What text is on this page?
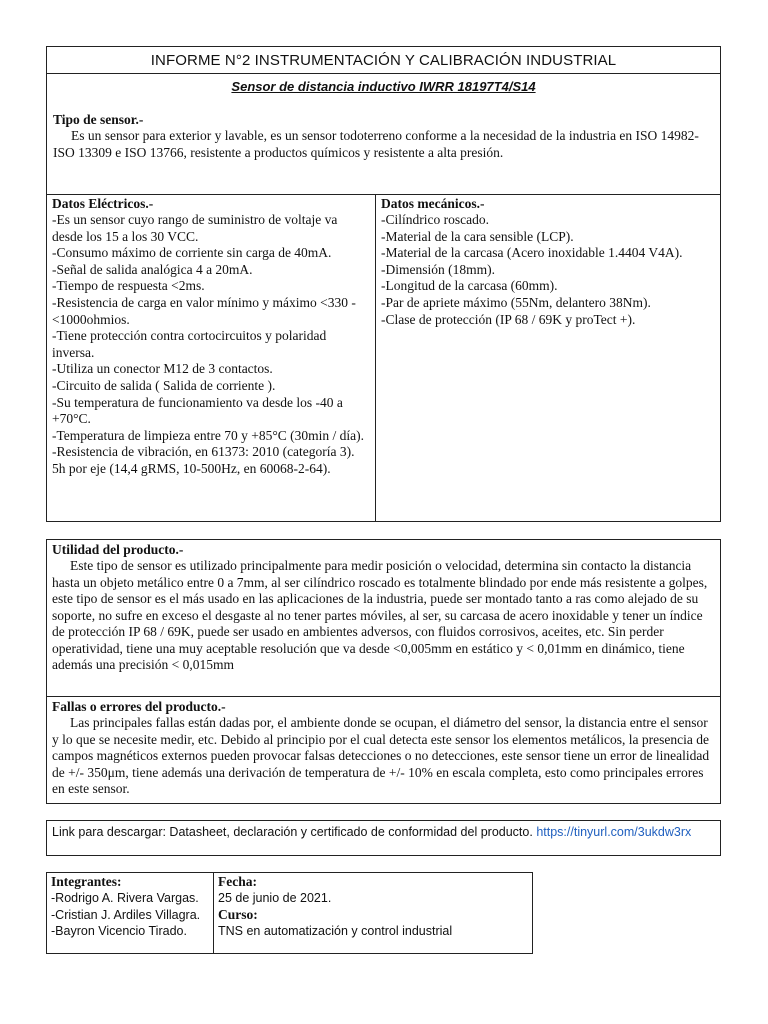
INFORME N°2 INSTRUMENTACIÓN Y CALIBRACIÓN INDUSTRIAL
Sensor de distancia inductivo IWRR 18197T4/S14
Tipo de sensor.-
Es un sensor para exterior y lavable, es un sensor todoterreno conforme a la necesidad de la industria en ISO 14982-ISO 13309 e ISO 13766, resistente a productos químicos y resistente a alta presión.
Datos Eléctricos.-
-Es un sensor cuyo rango de suministro de voltaje va desde los 15 a los 30 VCC.
-Consumo máximo de corriente sin carga de 40mA.
-Señal de salida analógica 4 a 20mA.
-Tiempo de respuesta <2ms.
-Resistencia de carga en valor mínimo y máximo <330 -<1000ohmios.
-Tiene protección contra cortocircuitos y polaridad inversa.
-Utiliza un conector M12 de 3 contactos.
-Circuito de salida ( Salida de corriente ).
-Su temperatura de funcionamiento va desde los -40 a +70°C.
-Temperatura de limpieza entre 70 y +85°C (30min / día).
-Resistencia de vibración, en 61373: 2010 (categoría 3). 5h por eje (14,4 gRMS, 10-500Hz, en 60068-2-64).
Datos mecánicos.-
-Cilíndrico roscado.
-Material de la cara sensible (LCP).
-Material de la carcasa (Acero inoxidable 1.4404 V4A).
-Dimensión (18mm).
-Longitud de la carcasa (60mm).
-Par de apriete máximo (55Nm, delantero 38Nm).
-Clase de protección (IP 68 / 69K y proTect +).
Utilidad del producto.-
Este tipo de sensor es utilizado principalmente para medir posición o velocidad, determina sin contacto la distancia hasta un objeto metálico entre 0 a 7mm, al ser cilíndrico roscado es totalmente blindado por ende más resistente a golpes, este tipo de sensor es el más usado en las aplicaciones de la industria, puede ser montado tanto a ras como alejado de su soporte, no sufre en exceso el desgaste al no tener partes móviles, al ser, su carcasa de acero inoxidable y tener un índice de protección IP 68 / 69K, puede ser usado en ambientes adversos, con fluidos corrosivos, aceites, etc. Sin perder operatividad, tiene una muy aceptable resolución que va desde <0,005mm en estático y < 0,01mm en dinámico, tiene además una precisión < 0,015mm
Fallas o errores del producto.-
Las principales fallas están dadas por, el ambiente donde se ocupan, el diámetro del sensor, la distancia entre el sensor y lo que se necesite medir, etc. Debido al principio por el cual detecta este sensor los elementos metálicos, la presencia de campos magnéticos externos pueden provocar falsas detecciones o no detecciones, este sensor tiene un error de linealidad de +/- 350μm, tiene además una derivación de temperatura de +/- 10% en escala completa, esto como principales errores en este sensor.
Link para descargar: Datasheet, declaración y certificado de conformidad del producto. https://tinyurl.com/3ukdw3rx
Integrantes:
-Rodrigo A. Rivera Vargas.
-Cristian J. Ardiles Villagra.
-Bayron Vicencio Tirado.
Fecha:
25 de junio de 2021.
Curso:
TNS en automatización y control industrial
